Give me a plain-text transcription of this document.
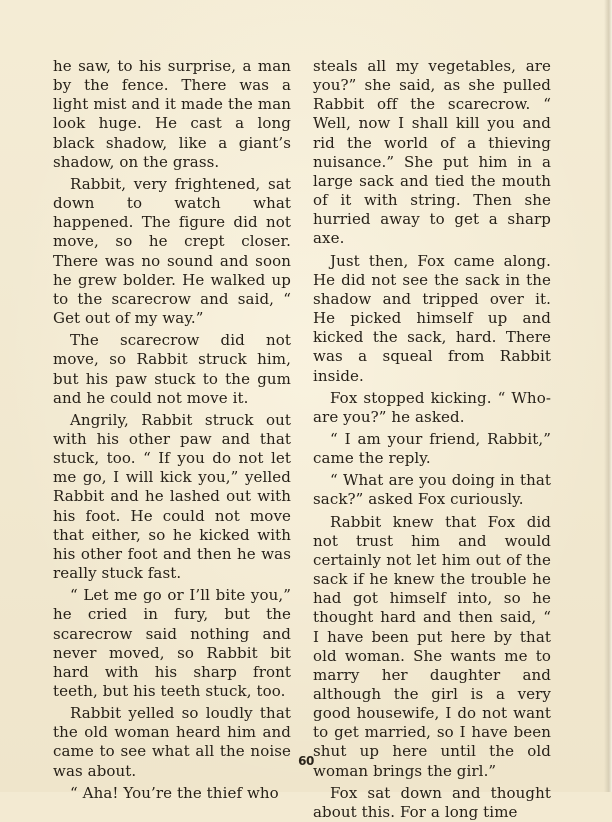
he saw, to his surprise, a man by the fence. There was a light mist and it made the man look huge. He cast a long black shadow, like a giant’s shadow, on the grass.

Rabbit, very frightened, sat down to watch what happened. The figure did not move, so he crept closer. There was no sound and soon he grew bolder. He walked up to the scarecrow and said, “ Get out of my way.”

The scarecrow did not move, so Rabbit struck him, but his paw stuck to the gum and he could not move it.

Angrily, Rabbit struck out with his other paw and that stuck, too. “ If you do not let me go, I will kick you,” yelled Rabbit and he lashed out with his foot. He could not move that either, so he kicked with his other foot and then he was really stuck fast.

“ Let me go or I’ll bite you,” he cried in fury, but the scarecrow said nothing and never moved, so Rabbit bit hard with his sharp front teeth, but his teeth stuck, too.

Rabbit yelled so loudly that the old woman heard him and came to see what all the noise was about.

“ Aha! You’re the thief who

steals all my vegetables, are you?” she said, as she pulled Rabbit off the scarecrow. “ Well, now I shall kill you and rid the world of a thieving nuisance.” She put him in a large sack and tied the mouth of it with string. Then she hurried away to get a sharp axe.

Just then, Fox came along. He did not see the sack in the shadow and tripped over it. He picked himself up and kicked the sack, hard. There was a squeal from Rabbit inside.

Fox stopped kicking. “ Who-are you?” he asked.

“ I am your friend, Rabbit,” came the reply.

“ What are you doing in that sack?” asked Fox curiously.

Rabbit knew that Fox did not trust him and would certainly not let him out of the sack if he knew the trouble he had got himself into, so he thought hard and then said, “ I have been put here by that old woman. She wants me to marry her daughter and although the girl is a very good housewife, I do not want to get married, so I have been shut up here until the old woman brings the girl.”

Fox sat down and thought about this. For a long time

60
